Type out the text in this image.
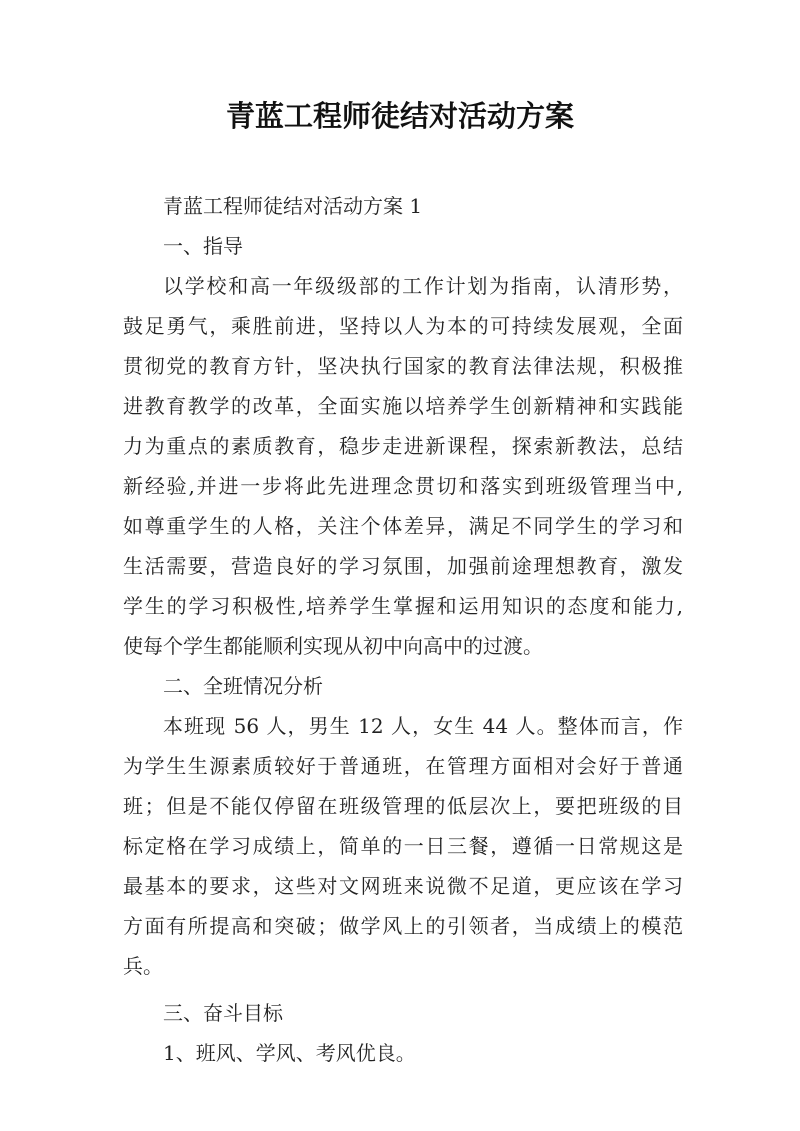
青蓝工程师徒结对活动方案

青蓝工程师徒结对活动方案 1

一、指导

以学校和高一年级级部的工作计划为指南，认清形势，

鼓足勇气，乘胜前进，坚持以人为本的可持续发展观，全面

贯彻党的教育方针，坚决执行国家的教育法律法规，积极推

进教育教学的改革，全面实施以培养学生创新精神和实践能

力为重点的素质教育，稳步走进新课程，探索新教法，总结

新经验,并进一步将此先进理念贯切和落实到班级管理当中,

如尊重学生的人格，关注个体差异，满足不同学生的学习和

生活需要，营造良好的学习氛围，加强前途理想教育，激发

学生的学习积极性,培养学生掌握和运用知识的态度和能力,

使每个学生都能顺利实现从初中向高中的过渡。

二、全班情况分析

本班现 56 人，男生 12 人，女生 44 人。整体而言，作

为学生生源素质较好于普通班，在管理方面相对会好于普通

班；但是不能仅停留在班级管理的低层次上，要把班级的目

标定格在学习成绩上，简单的一日三餐，遵循一日常规这是

最基本的要求，这些对文网班来说微不足道，更应该在学习

方面有所提高和突破；做学风上的引领者，当成绩上的模范

兵。

三、奋斗目标

1、班风、学风、考风优良。
